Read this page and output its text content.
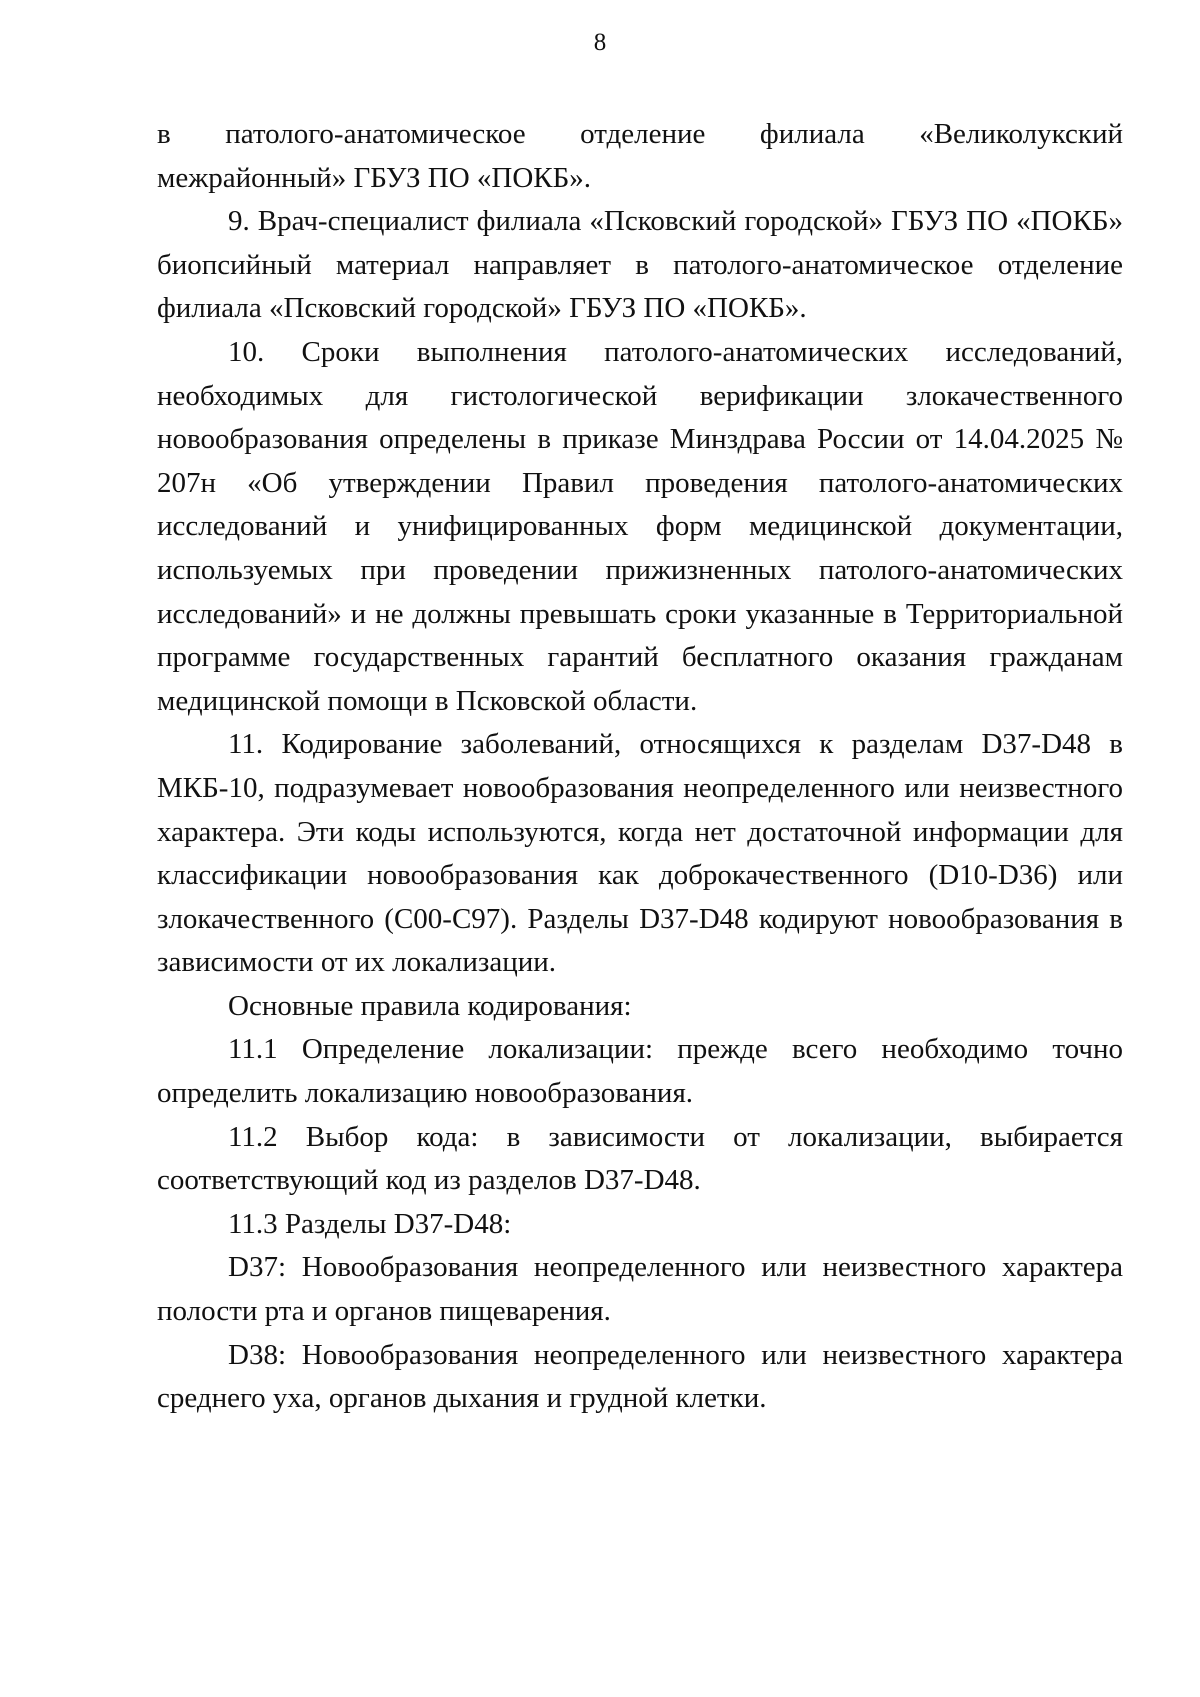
8

в патолого-анатомическое отделение филиала «Великолукский межрайонный» ГБУЗ ПО «ПОКБ».

9. Врач-специалист филиала «Псковский городской» ГБУЗ ПО «ПОКБ» биопсийный материал направляет в патолого-анатомическое отделение филиала «Псковский городской» ГБУЗ ПО «ПОКБ».

10. Сроки выполнения патолого-анатомических исследований, необходимых для гистологической верификации злокачественного новообразования определены в приказе Минздрава России от 14.04.2025 № 207н «Об утверждении Правил проведения патолого-анатомических исследований и унифицированных форм медицинской документации, используемых при проведении прижизненных патолого-анатомических исследований» и не должны превышать сроки указанные в Территориальной программе государственных гарантий бесплатного оказания гражданам медицинской помощи в Псковской области.

11. Кодирование заболеваний, относящихся к разделам D37-D48 в МКБ-10, подразумевает новообразования неопределенного или неизвестного характера. Эти коды используются, когда нет достаточной информации для классификации новообразования как доброкачественного (D10-D36) или злокачественного (C00-C97). Разделы D37-D48 кодируют новообразования в зависимости от их локализации.

Основные правила кодирования:

11.1 Определение локализации: прежде всего необходимо точно определить локализацию новообразования.

11.2 Выбор кода: в зависимости от локализации, выбирается соответствующий код из разделов D37-D48.

11.3 Разделы D37-D48:

D37: Новообразования неопределенного или неизвестного характера полости рта и органов пищеварения.

D38: Новообразования неопределенного или неизвестного характера среднего уха, органов дыхания и грудной клетки.
